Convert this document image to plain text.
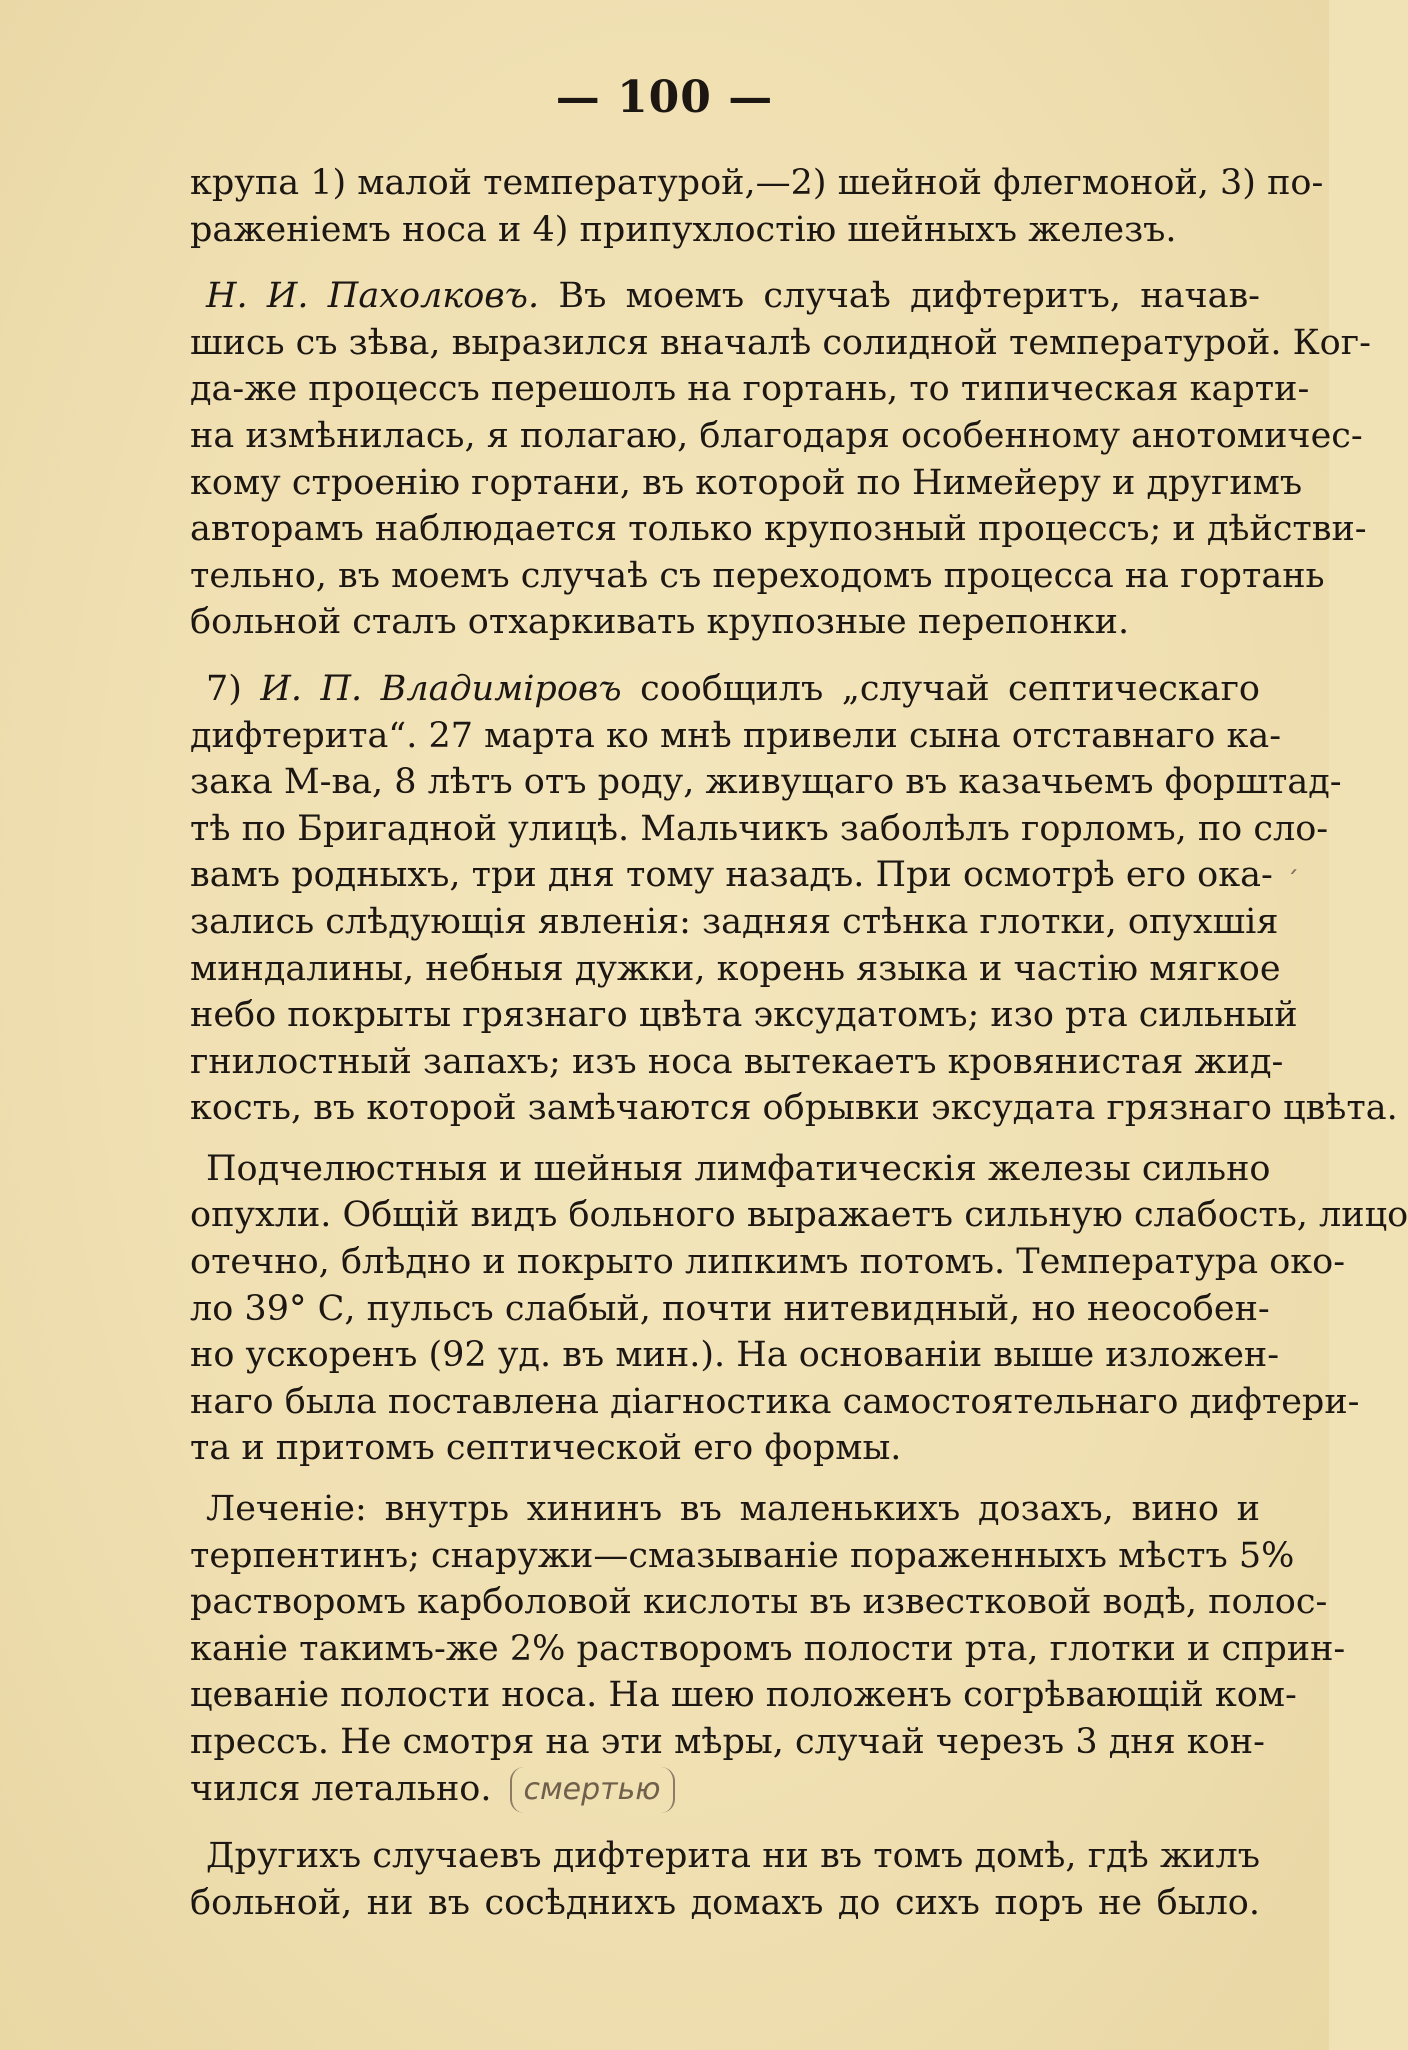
— 100 —
ˏ
крупа 1) малой температурой,—2) шейной флегмоной, 3) по-
раженіемъ носа и 4) припухлостію шейныхъ железъ.
Н. И. Пахолковъ. Въ моемъ случаѣ дифтеритъ, начав-
шись съ зѣва, выразился вначалѣ солидной температурой. Ког-
да-же процессъ перешолъ на гортань, то типическая карти-
на измѣнилась, я полагаю, благодаря особенному анотомичес-
кому строенію гортани, въ которой по Нимейеру и другимъ
авторамъ наблюдается только крупозный процессъ; и дѣйстви-
тельно, въ моемъ случаѣ съ переходомъ процесса на гортань
больной сталъ отхаркивать крупозные перепонки.
7) И. П. Владиміровъ сообщилъ „случай септическаго
дифтерита“. 27 марта ко мнѣ привели сына отставнаго ка-
зака М-ва, 8 лѣтъ отъ роду, живущаго въ казачьемъ форштад-
тѣ по Бригадной улицѣ. Мальчикъ заболѣлъ горломъ, по сло-
вамъ родныхъ, три дня тому назадъ. При осмотрѣ его ока-
зались слѣдующія явленія: задняя стѣнка глотки, опухшія
миндалины, небныя дужки, корень языка и частію мягкое
небо покрыты грязнаго цвѣта эксудатомъ; изо рта сильный
гнилостный запахъ; изъ носа вытекаетъ кровянистая жид-
кость, въ которой замѣчаются обрывки эксудата грязнаго цвѣта.
Подчелюстныя и шейныя лимфатическія железы сильно
опухли. Общій видъ больного выражаетъ сильную слабость, лицо
отечно, блѣдно и покрыто липкимъ потомъ. Температура око-
ло 39° С, пульсъ слабый, почти нитевидный, но неособен-
но ускоренъ (92 уд. въ мин.). На основаніи выше изложен-
наго была поставлена діагностика самостоятельнаго дифтери-
та и притомъ септической его формы.
Леченіе: внутрь хининъ въ маленькихъ дозахъ, вино и
терпентинъ; снаружи—смазываніе пораженныхъ мѣстъ 5%
растворомъ карболовой кислоты въ известковой водѣ, полос-
каніе такимъ-же 2% растворомъ полости рта, глотки и сприн-
цеваніе полости носа. На шею положенъ согрѣвающій ком-
прессъ. Не смотря на эти мѣры, случай черезъ 3 дня кон-
чился летально. смертью
Другихъ случаевъ дифтерита ни въ томъ домѣ, гдѣ жилъ
больной, ни въ сосѣднихъ домахъ до сихъ поръ не было.
